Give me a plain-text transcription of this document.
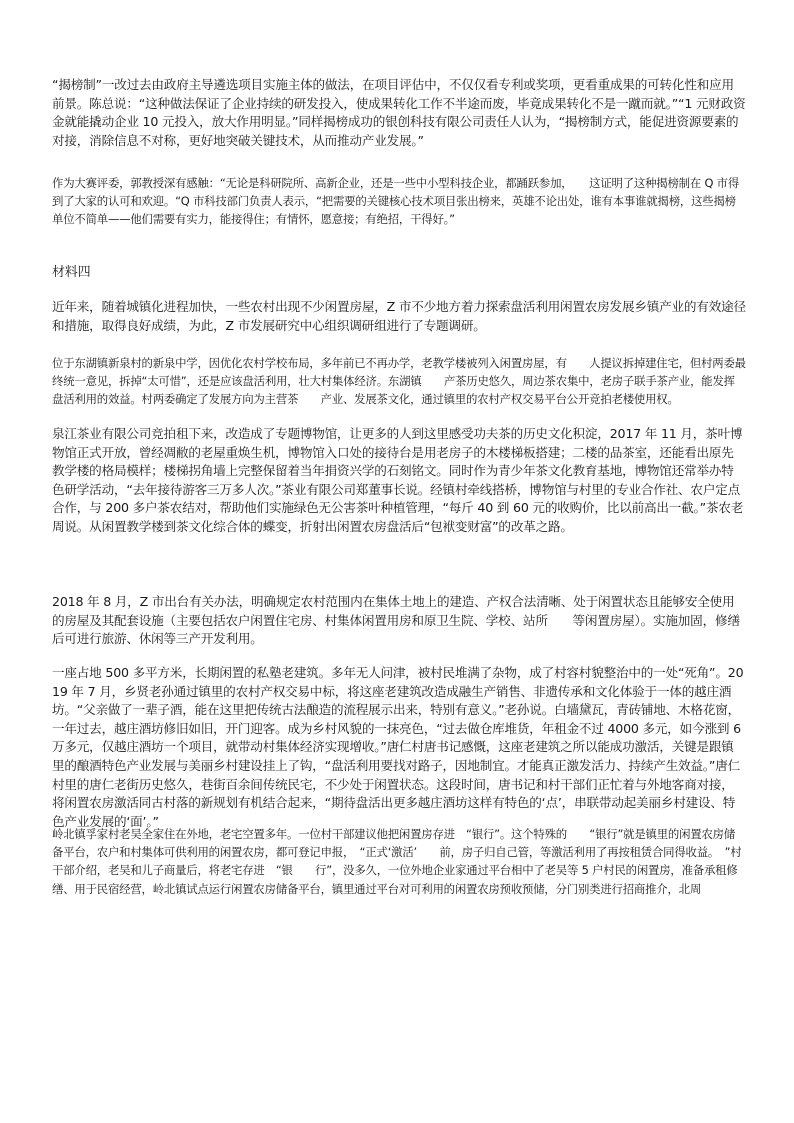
“揭榜制”一改过去由政府主导遴选项目实施主体的做法，在项目评估中，不仅仅看专利或奖项，更看重成果的可转化性和应用前景。陈总说：“这种做法保证了企业持续的研发投入，使成果转化工作不半途而废，毕竟成果转化不是一蹴而就。”“1 元财政资金就能撬动企业 10 元投入，放大作用明显。”同样揭榜成功的银创科技有限公司责任人认为，“揭榜制方式，能促进资源要素的对接，消除信息不对称，更好地突破关键技术，从而推动产业发展。”

作为大赛评委，郭教授深有感触：“无论是科研院所、高新企业，还是一些中小型科技企业，都踊跃参加，　　这证明了这种揭榜制在 Q 市得到了大家的认可和欢迎。“Q 市科技部门负责人表示，“把需要的关键核心技术项目张出榜来，英雄不论出处，谁有本事谁就揭榜，这些揭榜单位不简单——他们需要有实力，能接得住；有情怀，愿意接；有绝招，干得好。”

材料四

近年来，随着城镇化进程加快，一些农村出现不少闲置房屋，Z 市不少地方着力探索盘活利用闲置农房发展乡镇产业的有效途径和措施，取得良好成绩，为此，Z 市发展研究中心组织调研组进行了专题调研。

位于东湖镇新泉村的新泉中学，因优化农村学校布局，多年前已不再办学，老教学楼被列入闲置房屋，有　　人提议拆掉建住宅，但村两委最终统一意见，拆掉“太可惜”，还是应该盘活利用，壮大村集体经济。东湖镇　　产茶历史悠久，周边茶农集中，老房子联手茶产业，能发挥盘活利用的效益。村两委确定了发展方向为主营茶　　产业、发展茶文化，通过镇里的农村产权交易平台公开竞拍老楼使用权。

泉江茶业有限公司竞拍租下来，改造成了专题博物馆，让更多的人到这里感受功夫茶的历史文化积淀，2017 年 11 月，茶叶博物馆正式开放，曾经凋敝的老屋重焕生机，博物馆入口处的接待台是用老房子的木楼梯板搭建；二楼的品茶室，还能看出原先教学楼的格局模样；楼梯拐角墙上完整保留着当年捐资兴学的石刻铭文。同时作为青少年茶文化教育基地，博物馆还常举办特色研学活动，“去年接待游客三万多人次。”茶业有限公司郑董事长说。经镇村牵线搭桥，博物馆与村里的专业合作社、农户定点合作，与 200 多户茶农结对，帮助他们实施绿色无公害茶叶种植管理，“每斤 40 到 60 元的收购价，比以前高出一截。”茶农老周说。从闲置教学楼到茶文化综合体的蝶变，折射出闲置农房盘活后“包袱变财富”的改革之路。

2018 年 8 月，Z 市出台有关办法，明确规定农村范围内在集体土地上的建造、产权合法清晰、处于闲置状态且能够安全使用的房屋及其配套设施（主要包括农户闲置住宅房、村集体闲置用房和原卫生院、学校、站所　　等闲置房屋）。实施加固，修缮后可进行旅游、休闲等三产开发利用。

一座占地 500 多平方米，长期闲置的私塾老建筑。多年无人问津，被村民堆满了杂物，成了村容村貌整治中的一处“死角”。2019 年 7 月，乡贤老孙通过镇里的农村产权交易中标，将这座老建筑改造成融生产销售、非遗传承和文化体验于一体的越庄酒坊。“父亲做了一辈子酒，能在这里把传统古法酿造的流程展示出来，特别有意义。”老孙说。白墙黛瓦，青砖铺地、木格花窗，一年过去，越庄酒坊修旧如旧，开门迎客。成为乡村风貌的一抹亮色，“过去做仓库堆货，年租金不过 4000 多元，如今涨到 6 万多元，仅越庄酒坊一个项目，就带动村集体经济实现增收。”唐仁村唐书记感慨，这座老建筑之所以能成功激活，关键是跟镇里的酿酒特色产业发展与美丽乡村建设挂上了钩，“盘活利用要找对路子，因地制宜。才能真正激发活力、持续产生效益。”唐仁村里的唐仁老街历史悠久，巷街百余间传统民宅，不少处于闲置状态。这段时间，唐书记和村干部们正忙着与外地客商对接，将闲置农房激活同古村落的新规划有机结合起来，“期待盘活出更多越庄酒坊这样有特色的‘点’，串联带动起美丽乡村建设、特色产业发展的‘面’。”

岭北镇孚家村老吴全家住在外地，老宅空置多年。一位村干部建议他把闲置房存进　“银行”。这个特殊的　　“银行”就是镇里的闲置农房储备平台，农户和村集体可供利用的闲置农房，都可登记申报，　“正式‘激活’　　前，房子归自己管，等激活利用了再按租赁合同得收益。　”村干部介绍，老吴和儿子商量后，将老宅存进　“银　　行”，没多久，一位外地企业家通过平台相中了老吴等 5 户村民的闲置房，准备承租修缮、用于民宿经营，岭北镇试点运行闲置农房储备平台，镇里通过平台对可利用的闲置农房预收预储，分门别类进行招商推介，北周
